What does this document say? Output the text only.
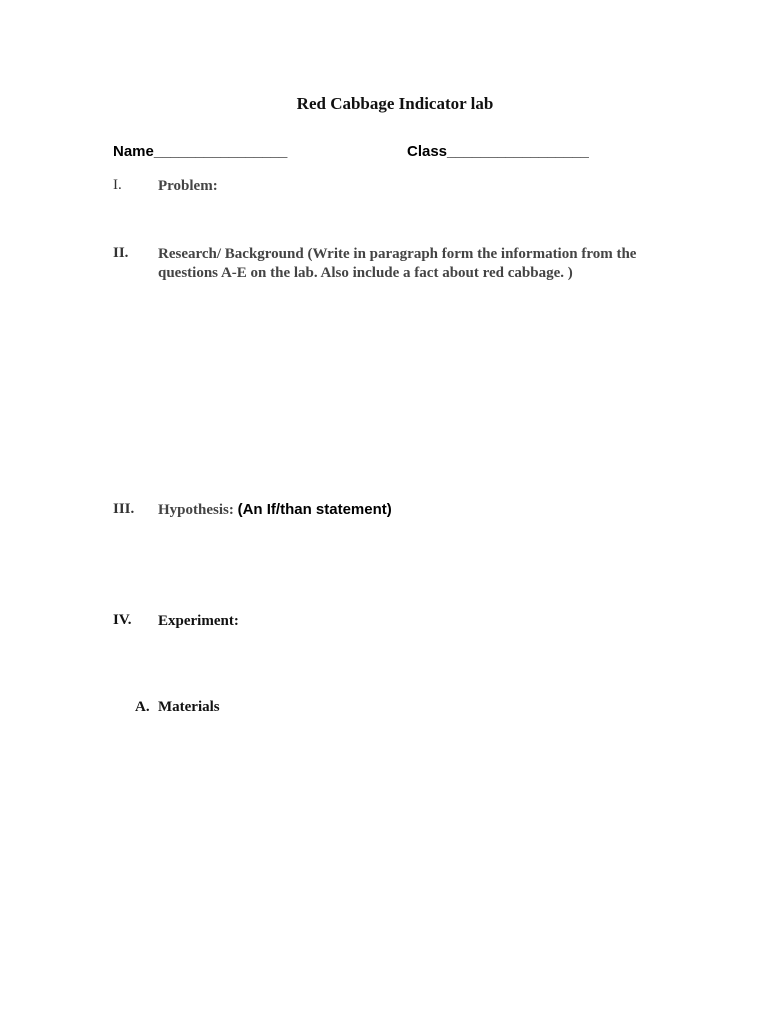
Red Cabbage Indicator lab
Name________________	Class_________________
I. Problem:
II. Research/ Background (Write in paragraph form the information from the questions A-E on the lab. Also include a fact about red cabbage. )
III. Hypothesis: (An If/than statement)
IV. Experiment:
A. Materials
